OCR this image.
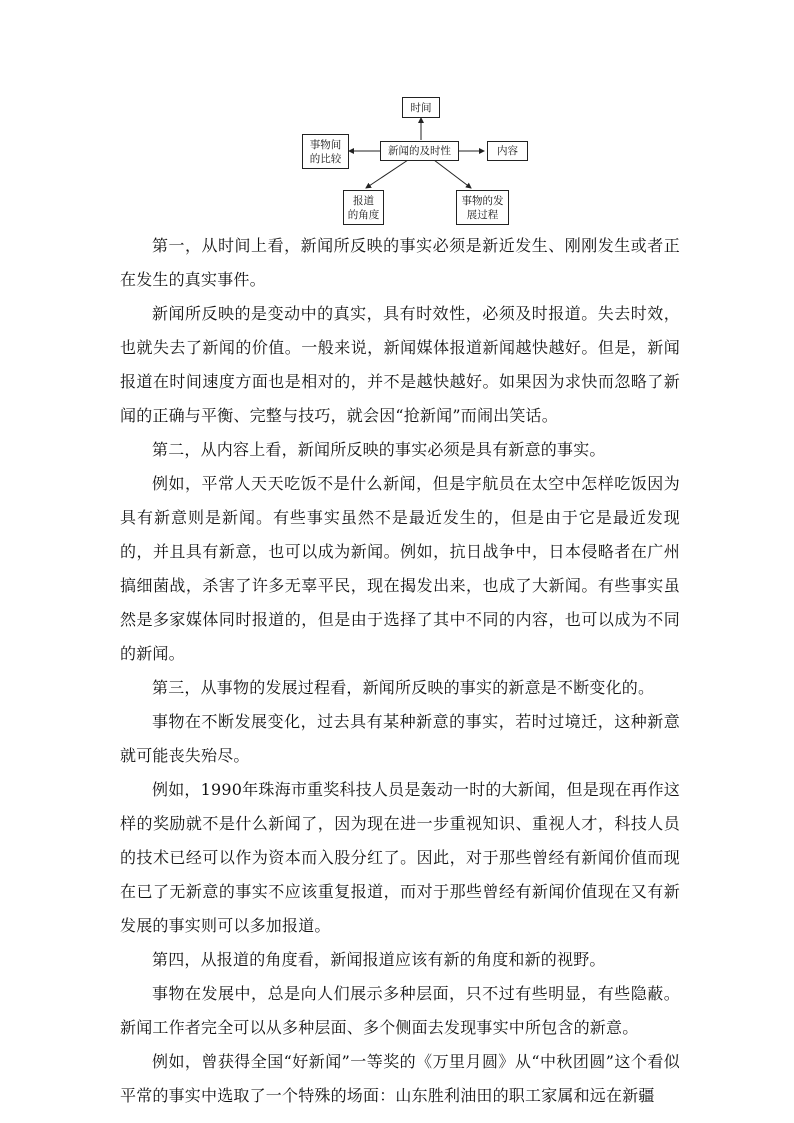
时间
新闻的及时性
事物间
的比较
内容
报道
的角度
事物的发
展过程

第一，从时间上看，新闻所反映的事实必须是新近发生、刚刚发生或者正在发生的真实事件。

新闻所反映的是变动中的真实，具有时效性，必须及时报道。失去时效，也就失去了新闻的价值。一般来说，新闻媒体报道新闻越快越好。但是，新闻报道在时间速度方面也是相对的，并不是越快越好。如果因为求快而忽略了新闻的正确与平衡、完整与技巧，就会因“抢新闻”而闹出笑话。

第二，从内容上看，新闻所反映的事实必须是具有新意的事实。

例如，平常人天天吃饭不是什么新闻，但是宇航员在太空中怎样吃饭因为具有新意则是新闻。有些事实虽然不是最近发生的，但是由于它是最近发现的，并且具有新意，也可以成为新闻。例如，抗日战争中，日本侵略者在广州搞细菌战，杀害了许多无辜平民，现在揭发出来，也成了大新闻。有些事实虽然是多家媒体同时报道的，但是由于选择了其中不同的内容，也可以成为不同的新闻。

第三，从事物的发展过程看，新闻所反映的事实的新意是不断变化的。

事物在不断发展变化，过去具有某种新意的事实，若时过境迁，这种新意就可能丧失殆尽。

例如，1990年珠海市重奖科技人员是轰动一时的大新闻，但是现在再作这样的奖励就不是什么新闻了，因为现在进一步重视知识、重视人才，科技人员的技术已经可以作为资本而入股分红了。因此，对于那些曾经有新闻价值而现在已了无新意的事实不应该重复报道，而对于那些曾经有新闻价值现在又有新发展的事实则可以多加报道。

第四，从报道的角度看，新闻报道应该有新的角度和新的视野。

事物在发展中，总是向人们展示多种层面，只不过有些明显，有些隐蔽。新闻工作者完全可以从多种层面、多个侧面去发现事实中所包含的新意。

例如，曾获得全国“好新闻”一等奖的《万里月圆》从“中秋团圆”这个看似平常的事实中选取了一个特殊的场面：山东胜利油田的职工家属和远在新疆
